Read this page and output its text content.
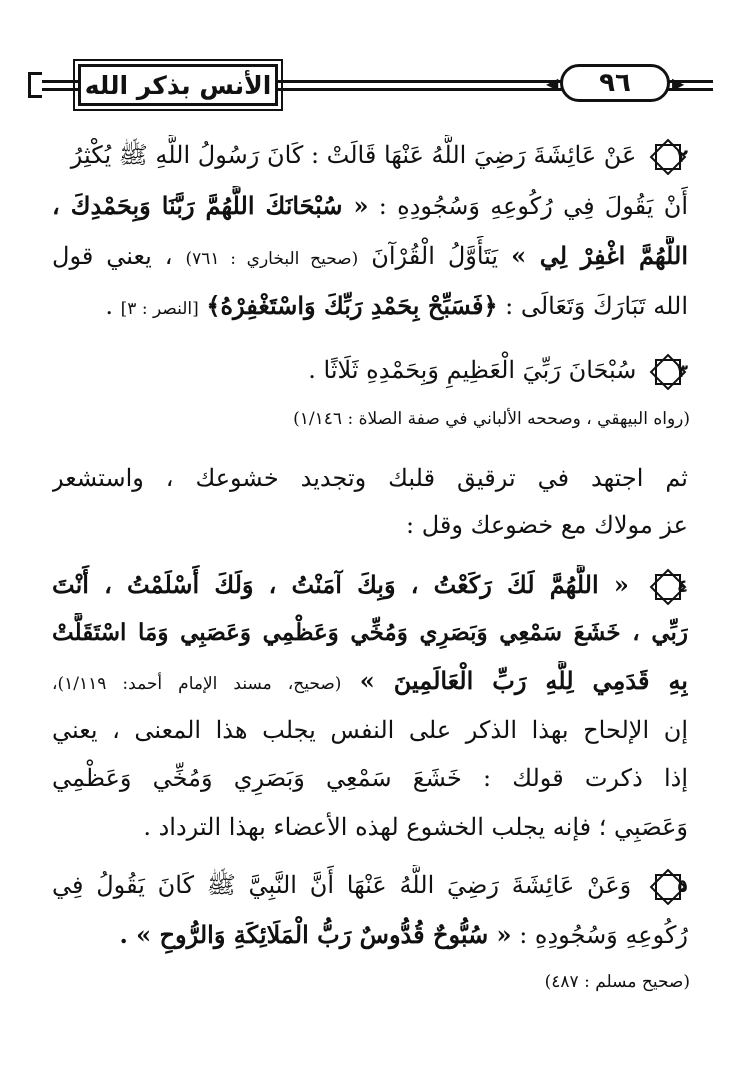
الأنس بذكر الله	◀ ٩٦	▶
٢
عَنْ عَائِشَةَ رَضِيَ اللَّهُ عَنْهَا قَالَتْ : كَانَ رَسُولُ اللَّهِ ﷺ يُكْثِرُ
أَنْ يَقُولَ فِي رُكُوعِهِ وَسُجُودِهِ : « سُبْحَانَكَ اللَّهُمَّ رَبَّنَا وَبِحَمْدِكَ ،
اللَّهُمَّ اغْفِرْ لِي » يَتَأَوَّلُ الْقُرْآنَ (صحيح البخاري : ٧٦١) ، يعني قول
الله تَبَارَكَ وَتَعَالَى : ﴿فَسَبِّحْ بِحَمْدِ رَبِّكَ وَاسْتَغْفِرْهُ﴾ [النصر : ٣] .
٣
سُبْحَانَ رَبِّيَ الْعَظِيمِ وَبِحَمْدِهِ ثَلَاثًا .
(رواه البيهقي ، وصححه الألباني في صفة الصلاة : ١/١٤٦)
ثم اجتهد في ترقيق قلبك وتجديد خشوعك ، واستشعر
عز مولاك مع خضوعك وقل :
٤
« اللَّهُمَّ لَكَ رَكَعْتُ ، وَبِكَ آمَنْتُ ، وَلَكَ أَسْلَمْتُ ، أَنْتَ
رَبِّي ، خَشَعَ سَمْعِي وَبَصَرِي وَمُخِّي وَعَظْمِي وَعَصَبِي وَمَا اسْتَقَلَّتْ
بِهِ قَدَمِي لِلَّهِ رَبِّ الْعَالَمِينَ » (صحيح، مسند الإمام أحمد: ١/١١٩)،
إن الإلحاح بهذا الذكر على النفس يجلب هذا المعنى ، يعني
إذا ذكرت قولك : خَشَعَ سَمْعِي وَبَصَرِي وَمُخِّي وَعَظْمِي
وَعَصَبِي ؛ فإنه يجلب الخشوع لهذه الأعضاء بهذا الترداد .
٥
وَعَنْ عَائِشَةَ رَضِيَ اللَّهُ عَنْهَا أَنَّ النَّبِيَّ ﷺ كَانَ يَقُولُ فِي
رُكُوعِهِ وَسُجُودِهِ : « سُبُّوحٌ قُدُّوسٌ رَبُّ الْمَلَائِكَةِ وَالرُّوحِ » .
(صحيح مسلم : ٤٨٧)
